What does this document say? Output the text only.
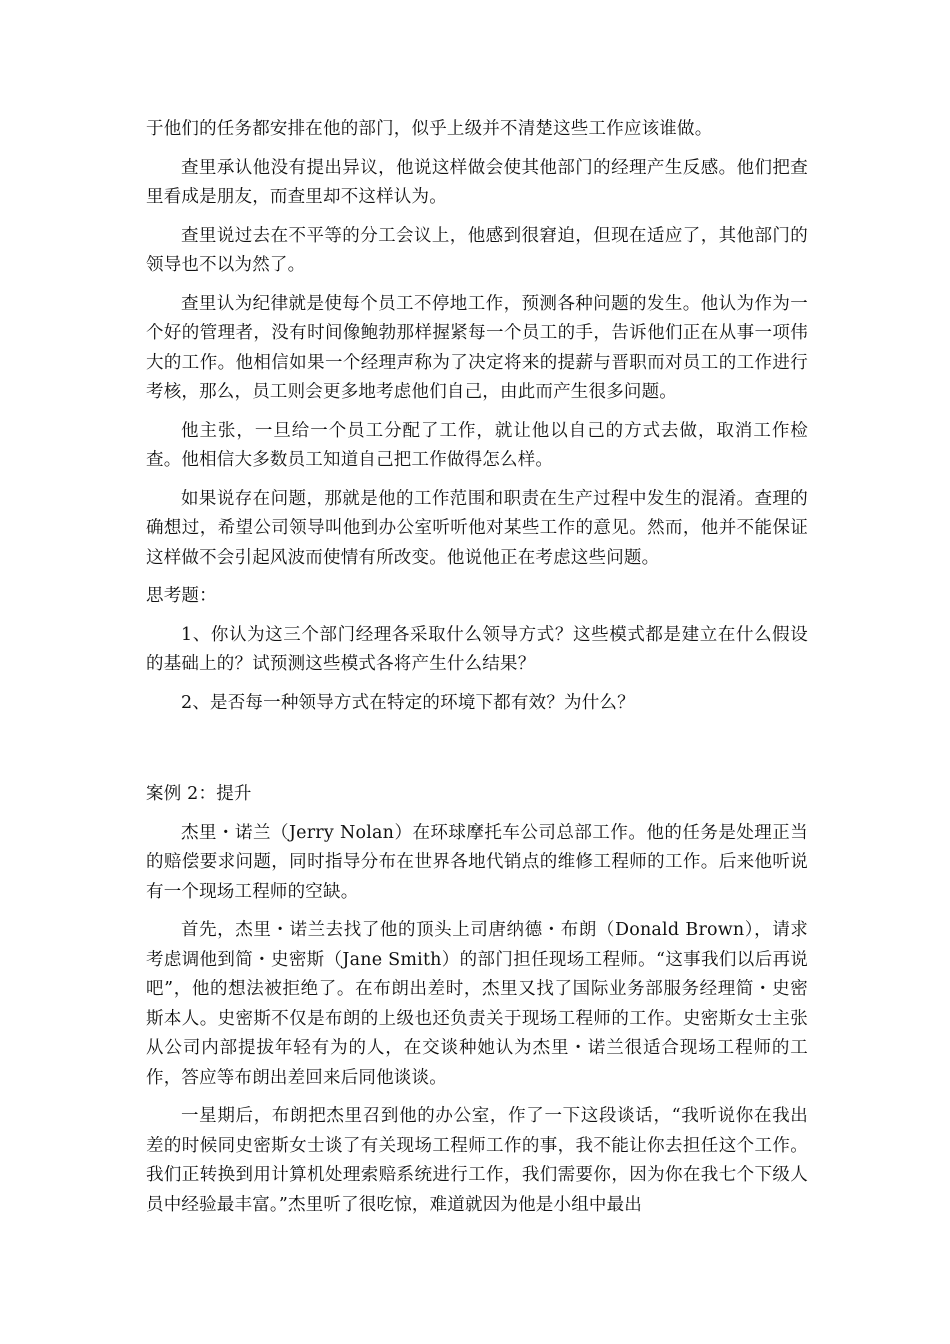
于他们的任务都安排在他的部门，似乎上级并不清楚这些工作应该谁做。

查里承认他没有提出异议，他说这样做会使其他部门的经理产生反感。他们把查里看成是朋友，而查里却不这样认为。

查里说过去在不平等的分工会议上，他感到很窘迫，但现在适应了，其他部门的领导也不以为然了。

查里认为纪律就是使每个员工不停地工作，预测各种问题的发生。他认为作为一个好的管理者，没有时间像鲍勃那样握紧每一个员工的手，告诉他们正在从事一项伟大的工作。他相信如果一个经理声称为了决定将来的提薪与晋职而对员工的工作进行考核，那么，员工则会更多地考虑他们自己，由此而产生很多问题。

他主张，一旦给一个员工分配了工作，就让他以自己的方式去做，取消工作检查。他相信大多数员工知道自己把工作做得怎么样。

如果说存在问题，那就是他的工作范围和职责在生产过程中发生的混淆。查理的确想过，希望公司领导叫他到办公室听听他对某些工作的意见。然而，他并不能保证这样做不会引起风波而使情有所改变。他说他正在考虑这些问题。

思考题：

1、你认为这三个部门经理各采取什么领导方式？这些模式都是建立在什么假设的基础上的？试预测这些模式各将产生什么结果？

2、是否每一种领导方式在特定的环境下都有效？为什么？

案例 2：提升

杰里・诺兰（Jerry Nolan）在环球摩托车公司总部工作。他的任务是处理正当的赔偿要求问题，同时指导分布在世界各地代销点的维修工程师的工作。后来他听说有一个现场工程师的空缺。

首先，杰里・诺兰去找了他的顶头上司唐纳德・布朗（Donald Brown），请求考虑调他到简・史密斯（Jane Smith）的部门担任现场工程师。“这事我们以后再说吧”，他的想法被拒绝了。在布朗出差时，杰里又找了国际业务部服务经理简・史密斯本人。史密斯不仅是布朗的上级也还负责关于现场工程师的工作。史密斯女士主张从公司内部提拔年轻有为的人，在交谈种她认为杰里・诺兰很适合现场工程师的工作，答应等布朗出差回来后同他谈谈。

一星期后，布朗把杰里召到他的办公室，作了一下这段谈话，“我听说你在我出差的时候同史密斯女士谈了有关现场工程师工作的事，我不能让你去担任这个工作。我们正转换到用计算机处理索赔系统进行工作，我们需要你，因为你在我七个下级人员中经验最丰富。”杰里听了很吃惊，难道就因为他是小组中最出
